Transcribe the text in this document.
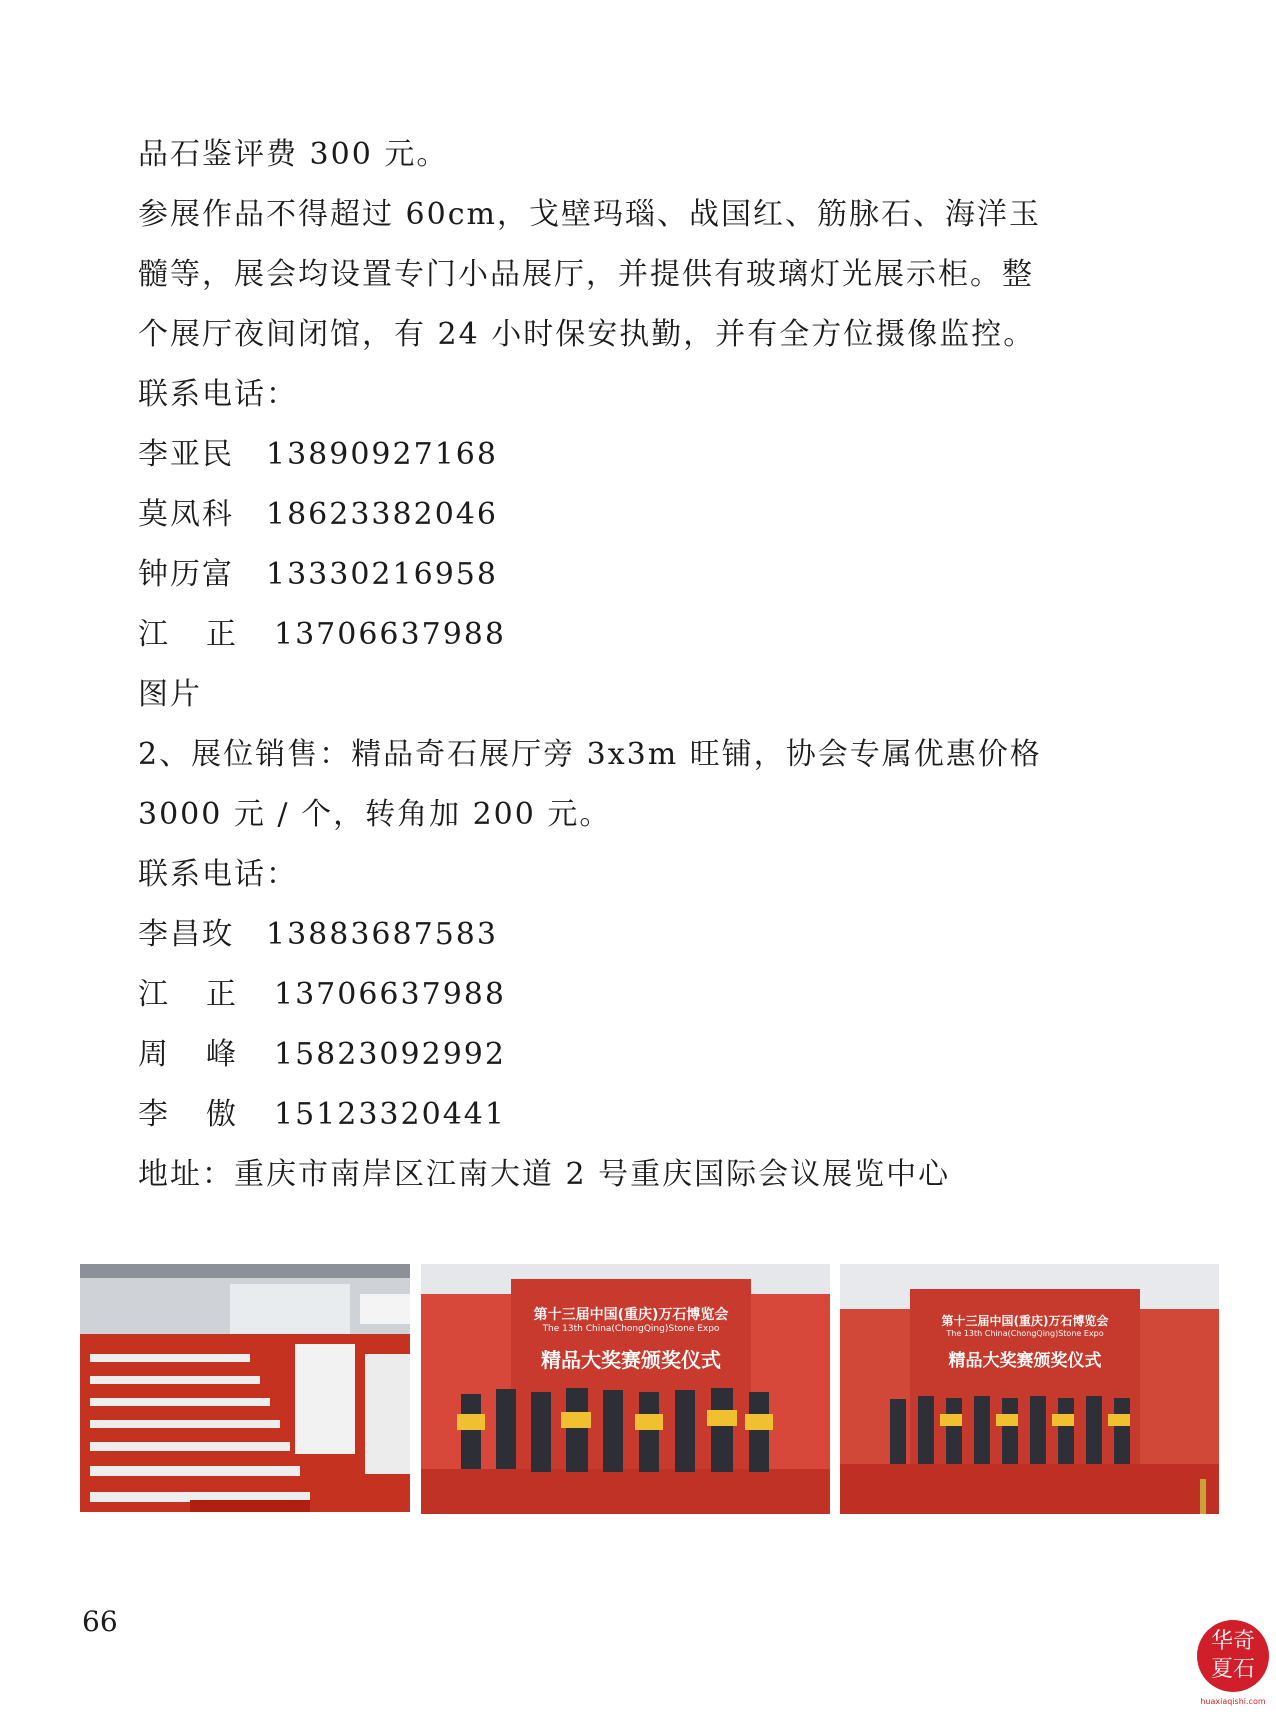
品石鉴评费 300 元。
参展作品不得超过 60cm，戈壁玛瑙、战国红、筋脉石、海洋玉
髓等，展会均设置专门小品展厅，并提供有玻璃灯光展示柜。整
个展厅夜间闭馆，有 24 小时保安执勤，并有全方位摄像监控。
联系电话：
李亚民	13890927168
莫凤科	18623382046
钟历富	13330216958
江　正	13706637988
图片
2、展位销售：精品奇石展厅旁 3x3m 旺铺，协会专属优惠价格
3000 元 / 个，转角加 200 元。
联系电话：
李昌玫	13883687583
江　正	13706637988
周　峰	15823092992
李　傲	15123320441
地址：重庆市南岸区江南大道 2 号重庆国际会议展览中心
第十三届中国(重庆)万石博览会
The 13th China(ChongQing)Stone Expo
精品大奖赛颁奖仪式
第十三届中国(重庆)万石博览会
The 13th China(ChongQing)Stone Expo
精品大奖赛颁奖仪式
66
华奇
夏石
huaxiaqishi.com
